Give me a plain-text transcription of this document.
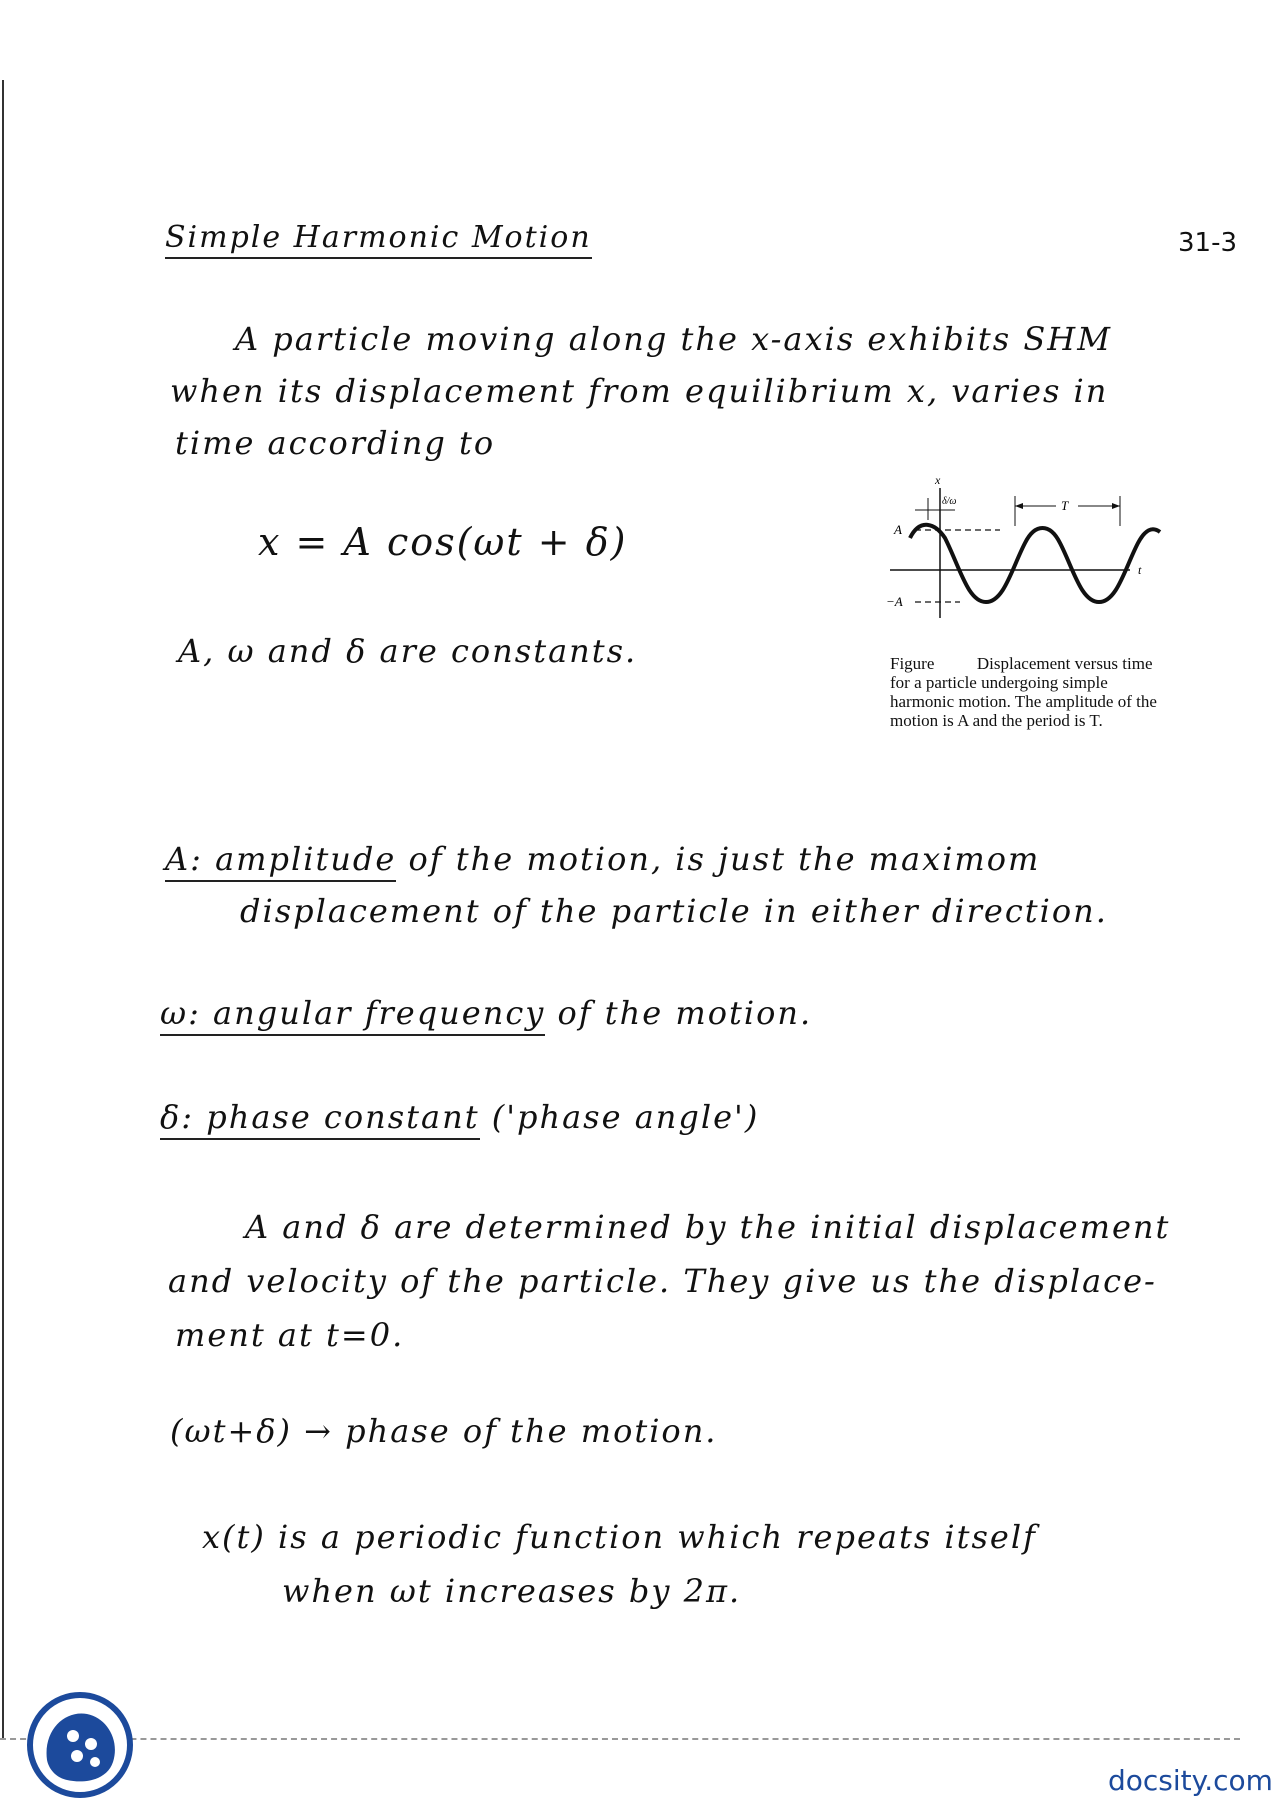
Simple Harmonic Motion	31-3
A particle moving along the x-axis exhibits SHM
when its displacement from equilibrium x, varies in
time according to
x = A cos(ωt + δ)
A, ω and δ are constants.
x
t
A
−A
δ/ω	T
Figure	Displacement versus time for a particle undergoing simple harmonic motion. The amplitude of the motion is A and the period is T.
A: amplitude of the motion, is just the maximom
displacement of the particle in either direction.
ω: angular frequency of the motion.
δ: phase constant ('phase angle')
A and δ are determined by the initial displacement
and velocity of the particle. They give us the displace-
ment at t=0.
(ωt+δ) → phase of the motion.
x(t) is a periodic function which repeats itself
when ωt increases by 2π.
docsity.com
